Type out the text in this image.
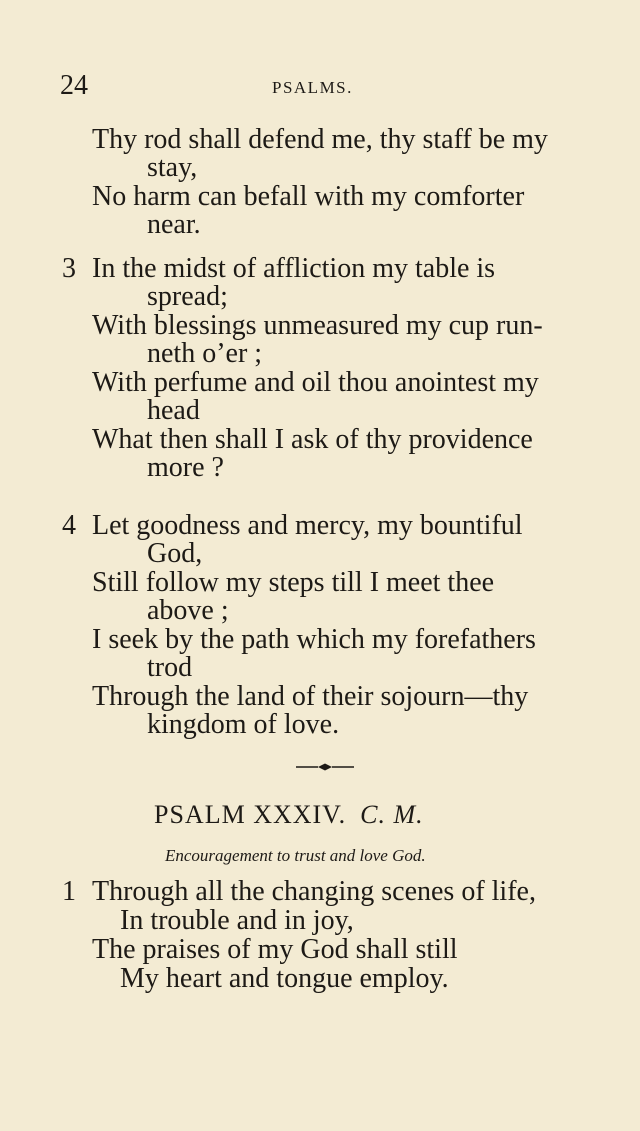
24	PSALMS.
Thy rod shall defend me, thy staff be my
stay,
No harm can befall with my comforter
near.
3 In the midst of affliction my table is
spread;
With blessings unmeasured my cup run-
neth o’er ;
With perfume and oil thou anointest my
head
What then shall I ask of thy providence
more ?
4 Let goodness and mercy, my bountiful
God,
Still follow my steps till I meet thee
above ;
I seek by the path which my forefathers
trod
Through the land of their sojourn—thy
kingdom of love.
PSALM XXXIV. C. M.
Encouragement to trust and love God.
1 Through all the changing scenes of life,
In trouble and in joy,
The praises of my God shall still
My heart and tongue employ.
